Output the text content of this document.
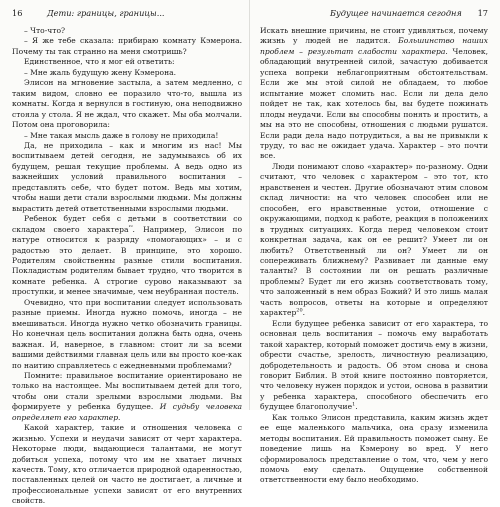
16	Дети: границы, границы...

– Что-что?

– Я же тебе сказала: прибираю комнату Кэмерона. Почему ты так странно на меня смотришь?

Единственное, что я мог ей ответить:

– Мне жаль будущую жену Кэмерона.

Элисон на мгновение застыла, а затем медленно, с таким видом, словно ее поразило что-то, вышла из комнаты. Когда я вернулся в гостиную, она неподвижно стояла у стола. Я не ждал, что скажет. Мы оба молчали. Потом она проговорила:

– Мне такая мысль даже в голову не приходила!

Да, не приходила – как и многим из нас! Мы воспитываем детей сегодня, не задумываясь об их будущем, решая текущие проблемы. А ведь одно из важнейших условий правильного воспитания – представлять себе, что будет потом. Ведь мы хотим, чтобы наши дети стали взрослыми людьми. Мы должны вырастить детей ответственными взрослыми людьми.

Ребенок будет себя с детьми в соответствии со складом своего характера$^{^{19}}$. Например, Элисон по натуре относится к разряду «помогающих» – и с радостью это делает. В принципе, это хорошо. Родителям свойственны разные стили воспитания. Покладистым родителям бывает трудно, что творится в комнате ребенка. А строгие сурово наказывают за проступки, и менее значимые, чем неубранная постель.

Очевидно, что при воспитании следует использовать разные приемы. Иногда нужно помочь, иногда – не вмешиваться. Иногда нужно четко обозначить границы. Но конечная цель воспитания должна быть одна, очень важная. И, наверное, в главном: стоит ли за всеми вашими действиями главная цель или вы просто кое-как по наитию справляетесь с ежедневными проблемами?

Помните: правильное воспитание ориентировано не только на настоящее. Мы воспитываем детей для того, чтобы они стали зрелыми взрослыми людьми. Вы формируете у ребенка будущее. И судьбу человека определяет его характер.

Какой характер, такие и отношения человека с жизнью. Успехи и неудачи зависят от черт характера. Некоторые люди, выдающиеся талантами, не могут добиться успеха, потому что им не хватает личных качеств. Тому, кто отличается природной одаренностью, поставленных целей он часто не достигает, а личные и профессиональные успехи зависят от его внутренних свойств.

Будущее начинается сегодня 17

Искать внешние причины, не стоит удивляться, почему жизнь у людей не ладится. Большинство наших проблем – результат слабости характера. Человек, обладающий внутренней силой, зачастую добивается успеха вопреки неблагоприятным обстоятельствам. Если же мы этой силой не обладаем, то любое испытание может сломить нас. Если ли дела дело пойдет не так, как хотелось бы, вы будете пожинать плоды неудачи. Если вы способны понять и простить, а мы на это не способны, отношения с людьми рушатся. Если ради дела надо потрудиться, а вы не привыкли к труду, то вас не ожидает удача. Характер – это почти все.

Люди понимают слово «характер» по-разному. Одни считают, что человек с характером – это тот, кто нравственен и честен. Другие обозначают этим словом склад личности: на что человек способен или не способен, его нравственные устои, отношение с окружающими, подход к работе, реакция в положениях в трудных ситуациях. Когда перед человеком стоит конкретная задача, как он ее решит? Умеет ли он любить? Ответственный ли он? Умеет ли он сопереживать ближнему? Развивает ли данные ему таланты? В состоянии ли он решать различные проблемы? Будет ли его жизнь соответствовать тому, что заложенный в нем образ Божий? И это лишь малая часть вопросов, ответы на которые и определяют характер$^{20}$.

Если будущее ребенка зависит от его характера, то основная цель воспитания – помочь ему выработать такой характер, который поможет достичь ему в жизни, обрести счастье, зрелость, личностную реализацию, добродетельность и радость. Об этом снова и снова говорит Библия. В этой книге постоянно повторяется, что человеку нужен порядок и устои, основа в развитии у ребенка характера, способного обеспечить его будущее благополучие$^1$.

Как только Элисон представила, каким жизнь ждет ее еще маленького мальчика, она сразу изменила методы воспитания. Ей правильность поможет сыну. Ее поведение лишь на Кэмерону во вред. У него сформировалось представление о том, что, чем у него помочь ему сделать. Ощущение собственной ответственности ему было необходимо.
